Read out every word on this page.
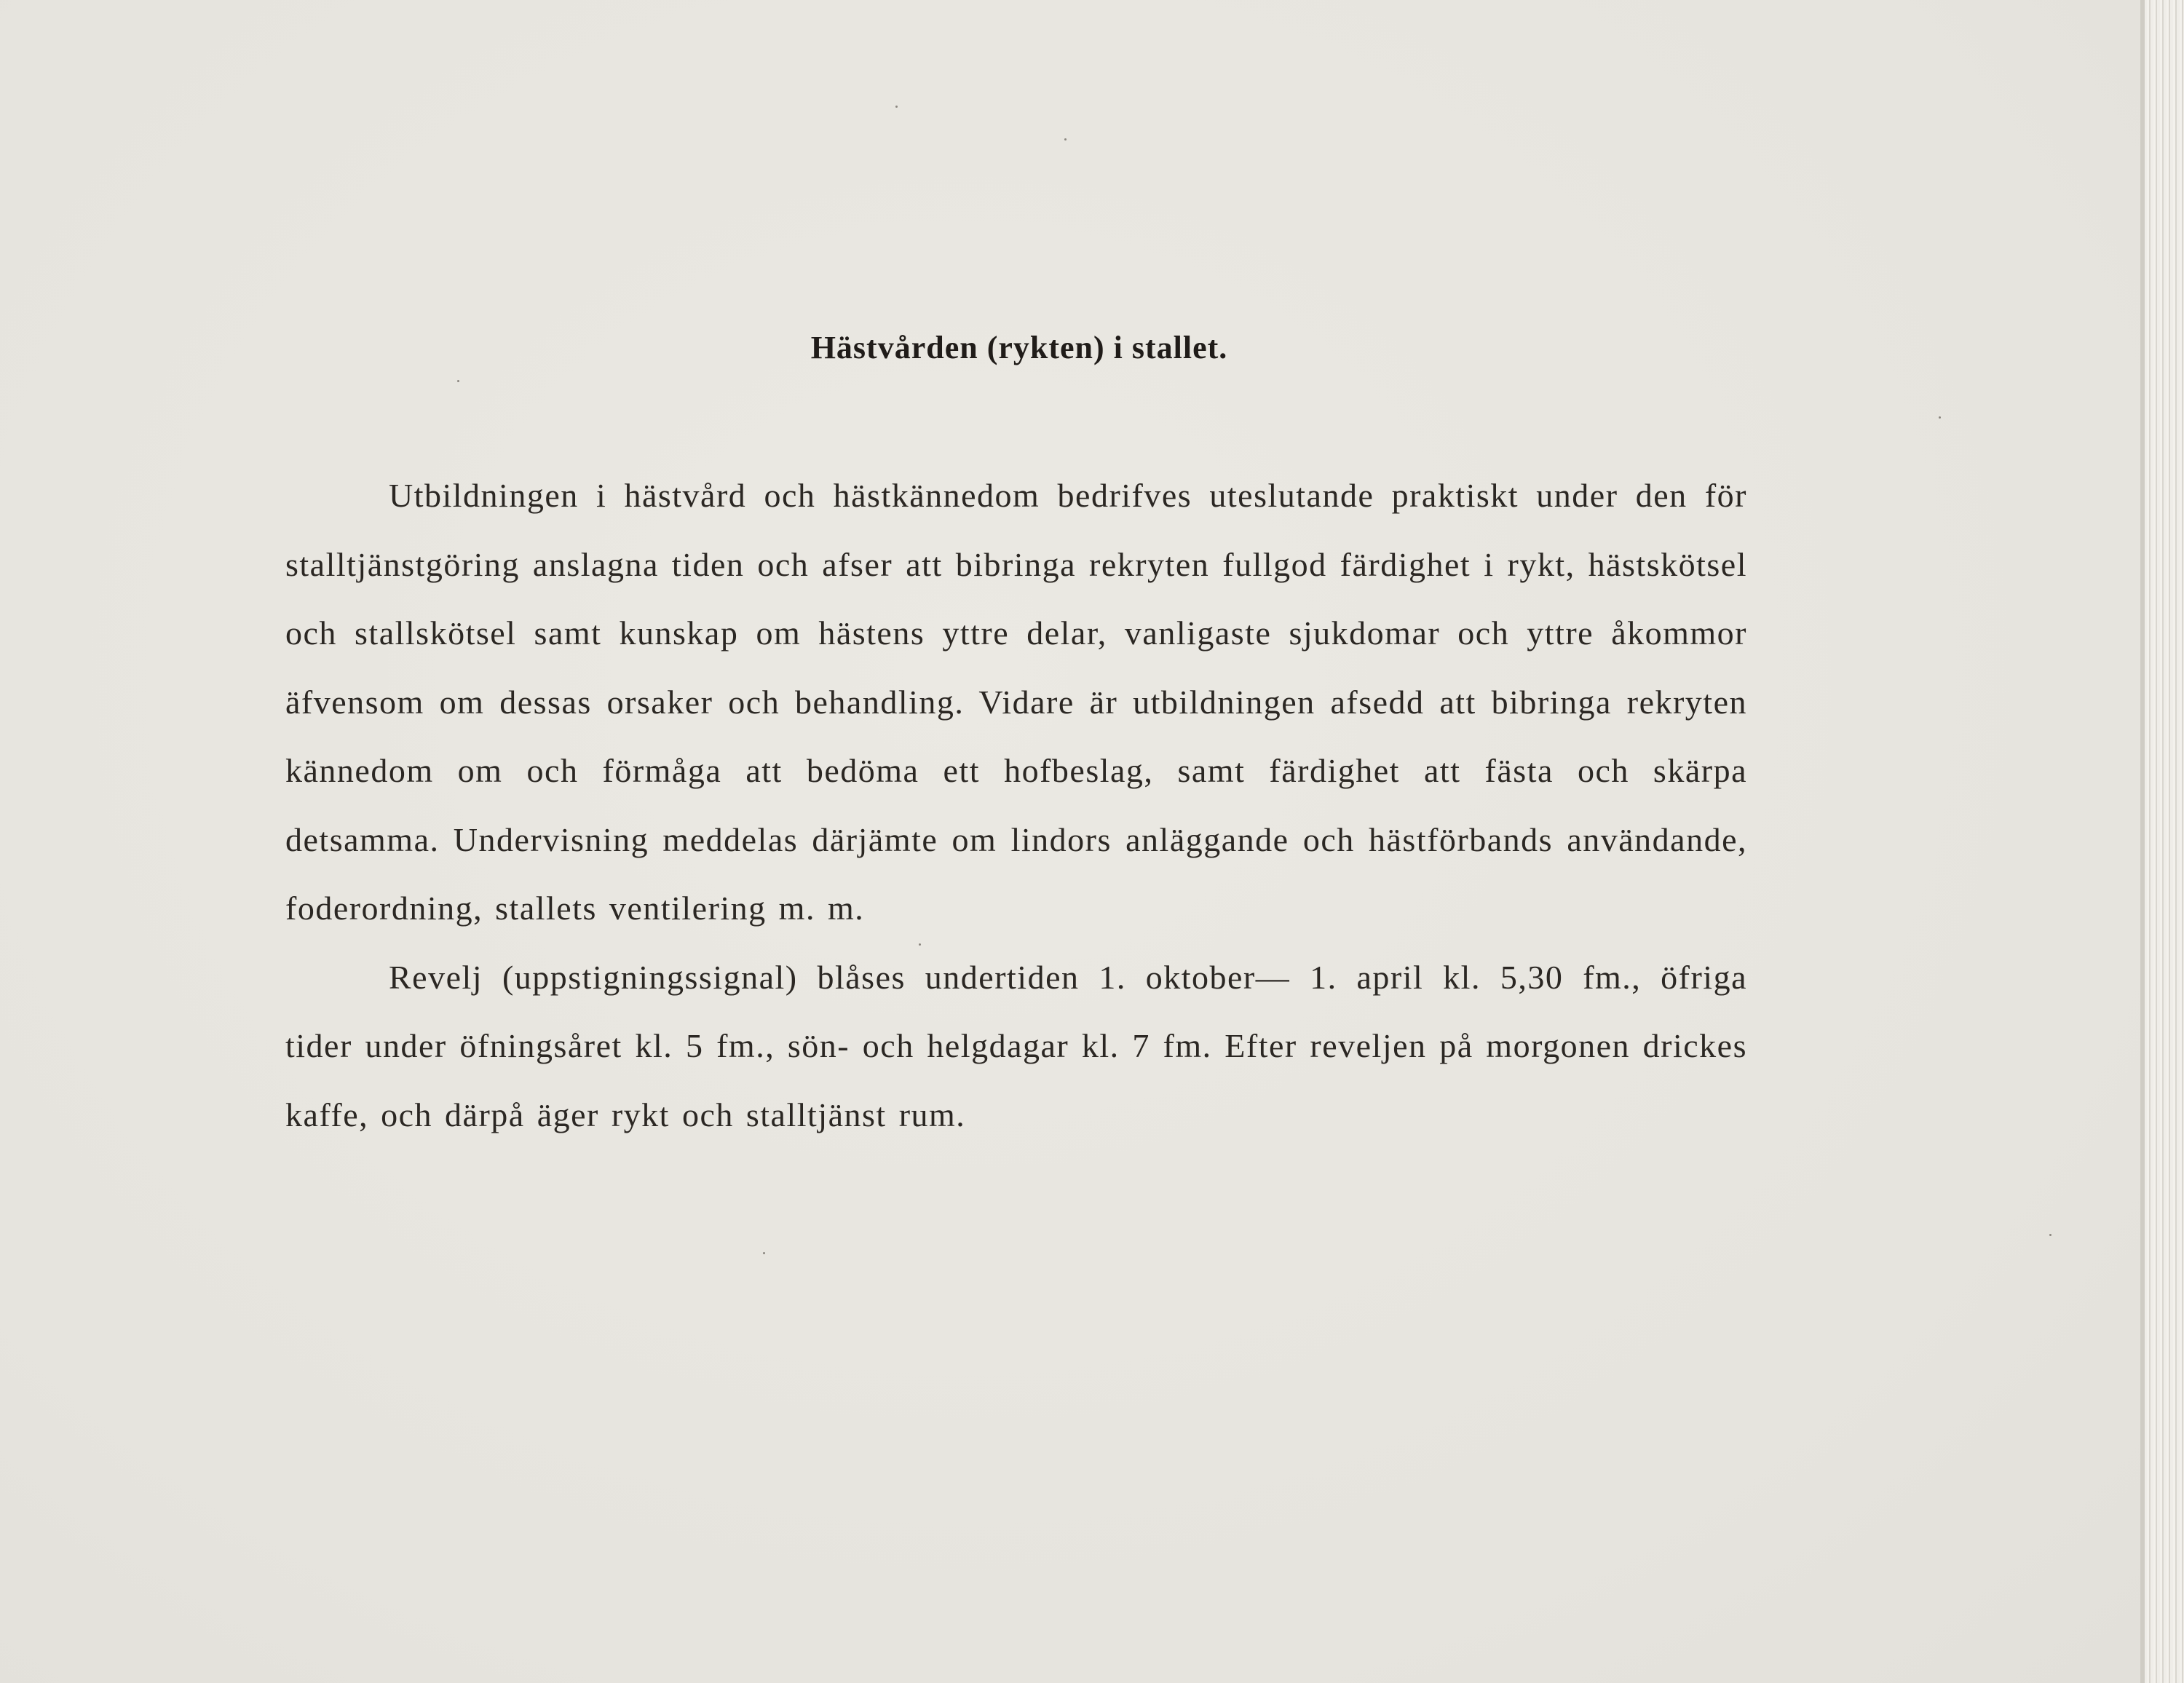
Hästvården (rykten) i stallet.

Utbildningen i hästvård och hästkännedom bedrifves uteslutande praktiskt under den för stalltjänstgöring anslagna tiden och afser att bibringa rekryten fullgod färdighet i rykt, hästskötsel och stallskötsel samt kunskap om hästens yttre delar, vanligaste sjukdomar och yttre åkommor äfvensom om dessas orsaker och behandling. Vidare är utbildningen afsedd att bibringa rekryten kännedom om och förmåga att bedöma ett hofbeslag, samt färdighet att fästa och skärpa detsamma. Undervisning meddelas därjämte om lindors anläggande och hästförbands användande, foderordning, stallets ventilering m. m.

Revelj (uppstigningssignal) blåses undertiden 1. oktober— 1. april kl. 5,30 fm., öfriga tider under öfningsåret kl. 5 fm., sön- och helgdagar kl. 7 fm. Efter reveljen på morgonen drickes kaffe, och därpå äger rykt och stalltjänst rum.
